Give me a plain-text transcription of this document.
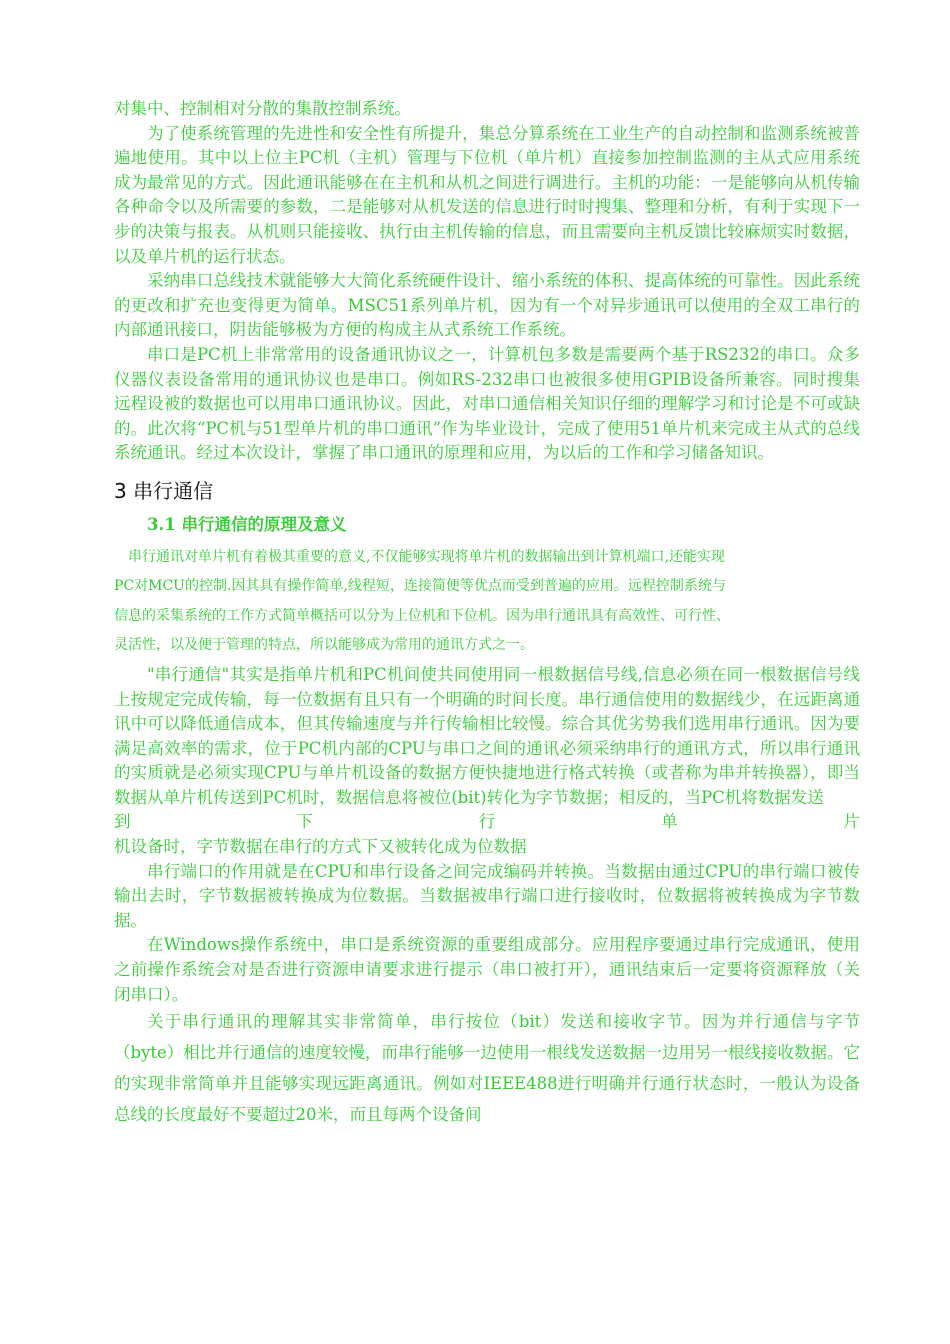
对集中、控制相对分散的集散控制系统。

为了使系统管理的先进性和安全性有所提升，集总分算系统在工业生产的自动控制和监测系统被普遍地使用。其中以上位主PC机（主机）管理与下位机（单片机）直接参加控制监测的主从式应用系统成为最常见的方式。因此通讯能够在在主机和从机之间进行调进行。主机的功能：一是能够向从机传输各种命令以及所需要的参数，二是能够对从机发送的信息进行时时搜集、整理和分析，有利于实现下一步的决策与报表。从机则只能接收、执行由主机传输的信息，而且需要向主机反馈比较麻烦实时数据，以及单片机的运行状态。

采纳串口总线技术就能够大大简化系统硬件设计、缩小系统的体积、提高体统的可靠性。因此系统的更改和扩充也变得更为简单。MSC51系列单片机，因为有一个对异步通讯可以使用的全双工串行的内部通讯接口，阴齿能够极为方便的构成主从式系统工作系统。

串口是PC机上非常常用的设备通讯协议之一，计算机包多数是需要两个基于RS232的串口。众多仪器仪表设备常用的通讯协议也是串口。例如RS-232串口也被很多使用GPIB设备所兼容。同时搜集远程设被的数据也可以用串口通讯协议。因此，对串口通信相关知识仔细的理解学习和讨论是不可或缺的。此次将“PC机与51型单片机的串口通讯”作为毕业设计，完成了使用51单片机来完成主从式的总线系统通讯。经过本次设计，掌握了串口通讯的原理和应用，为以后的工作和学习储备知识。

3 串行通信
3.1 串行通信的原理及意义
串行通讯对单片机有着极其重要的意义,不仅能够实现将单片机的数据输出到计算机端口,还能实现
PC对MCU的控制.因其具有操作简单,线程短，连接简便等优点而受到普遍的应用。远程控制系统与
信息的采集系统的工作方式简单概括可以分为上位机和下位机。因为串行通讯具有高效性、可行性、
灵活性，以及便于管理的特点，所以能够成为常用的通讯方式之一。

"串行通信"其实是指单片机和PC机间使共同使用同一根数据信号线,信息必须在同一根数据信号线上按规定完成传输，每一位数据有且只有一个明确的时间长度。串行通信使用的数据线少，在远距离通讯中可以降低通信成本，但其传输速度与并行传输相比较慢。综合其优劣势我们选用串行通讯。因为要满足高效率的需求，位于PC机内部的CPU与串口之间的通讯必须采纳串行的通讯方式，所以串行通讯的实质就是必须实现CPU与单片机设备的数据方便快捷地进行格式转换（或者称为串并转换器），即当数据从单片机传送到PC机时，数据信息将被位(bit)转化为字节数据；相反的，当PC机将数据发送

到	下	行	单	片

机设备时，字节数据在串行的方式下又被转化成为位数据

串行端口的作用就是在CPU和串行设备之间完成编码并转换。当数据由通过CPU的串行端口被传输出去时，字节数据被转换成为位数据。当数据被串行端口进行接收时，位数据将被转换成为字节数据。

在Windows操作系统中，串口是系统资源的重要组成部分。应用程序要通过串行完成通讯，使用之前操作系统会对是否进行资源申请要求进行提示（串口被打开），通讯结束后一定要将资源释放（关闭串口）。

关于串行通讯的理解其实非常简单，串行按位（bit）发送和接收字节。因为并行通信与字节（byte）相比并行通信的速度较慢，而串行能够一边使用一根线发送数据一边用另一根线接收数据。它的实现非常简单并且能够实现远距离通讯。例如对IEEE488进行明确并行通行状态时，一般认为设备总线的长度最好不要超过20米，而且每两个设备间
